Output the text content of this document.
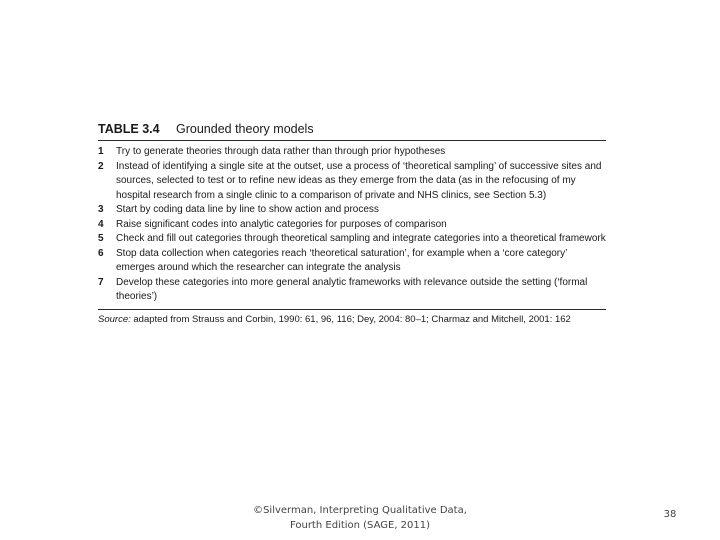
TABLE 3.4 Grounded theory models
1	Try to generate theories through data rather than through prior hypotheses
2	Instead of identifying a single site at the outset, use a process of ‘theoretical sampling’ of successive sites and sources, selected to test or to refine new ideas as they emerge from the data (as in the refocusing of my hospital research from a single clinic to a comparison of private and NHS clinics, see Section 5.3)
3	Start by coding data line by line to show action and process
4	Raise significant codes into analytic categories for purposes of comparison
5	Check and fill out categories through theoretical sampling and integrate categories into a theoretical framework
6	Stop data collection when categories reach ‘theoretical saturation’, for example when a ‘core category’ emerges around which the researcher can integrate the analysis
7	Develop these categories into more general analytic frameworks with relevance outside the setting (‘formal theories’)
Source: adapted from Strauss and Corbin, 1990: 61, 96, 116; Dey, 2004: 80–1; Charmaz and Mitchell, 2001: 162
©Silverman, Interpreting Qualitative Data,
Fourth Edition (SAGE, 2011)
38
